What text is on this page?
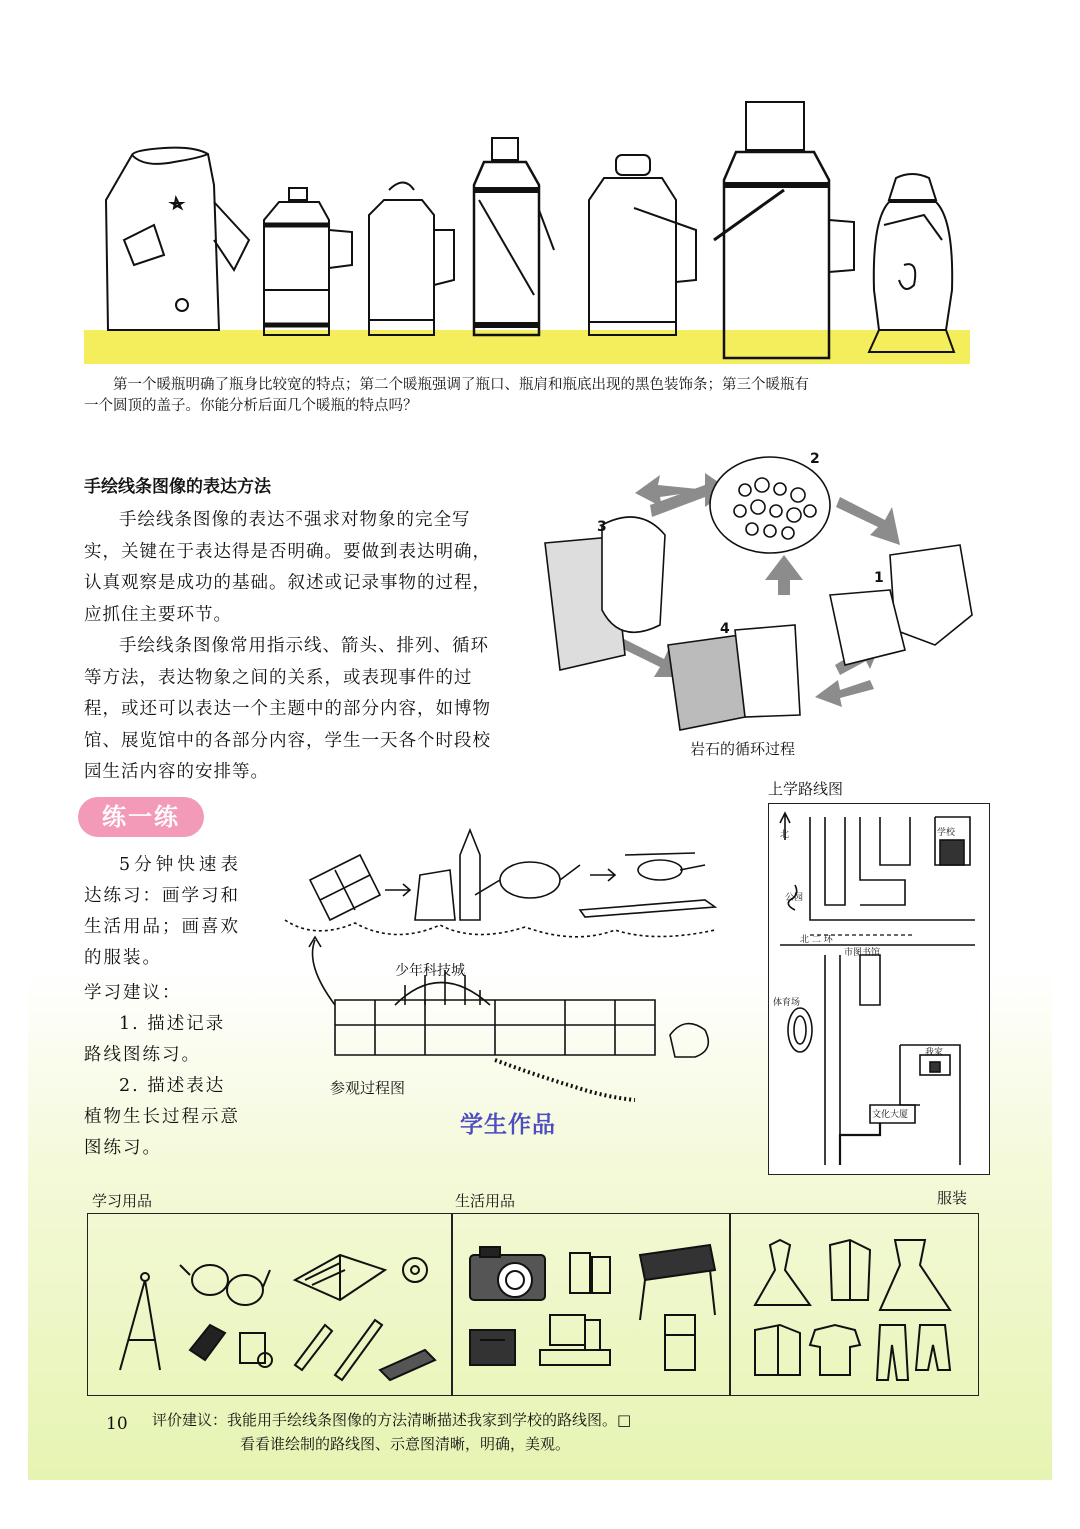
第一个暖瓶明确了瓶身比较宽的特点；第二个暖瓶强调了瓶口、瓶肩和瓶底出现的黑色装饰条；第三个暖瓶有
一个圆顶的盖子。你能分析后面几个暖瓶的特点吗？
手绘线条图像的表达方法

手绘线条图像的表达不强求对物象的完全写实，关键在于表达得是否明确。要做到表达明确，认真观察是成功的基础。叙述或记录事物的过程，应抓住主要环节。

手绘线条图像常用指示线、箭头、排列、循环等方法，表达物象之间的关系，或表现事件的过程，或还可以表达一个主题中的部分内容，如博物馆、展览馆中的各部分内容，学生一天各个时段校园生活内容的安排等。

1
2
3
4
岩石的循环过程
练一练
5分钟快速表达练习：画学习和生活用品；画喜欢的服装。
学习建议：
1. 描述记录路线图练习。
2. 描述表达植物生长过程示意图练习。
少年科技城
参观过程图
学生作品
上学路线图
北	学校
公园
市图书馆
体育场
我家
文化大厦
北 二 环
学习用品	生活用品	服装
10 评价建议：我能用手绘线条图像的方法清晰描述我家到学校的路线图。□
看看谁绘制的路线图、示意图清晰，明确，美观。
